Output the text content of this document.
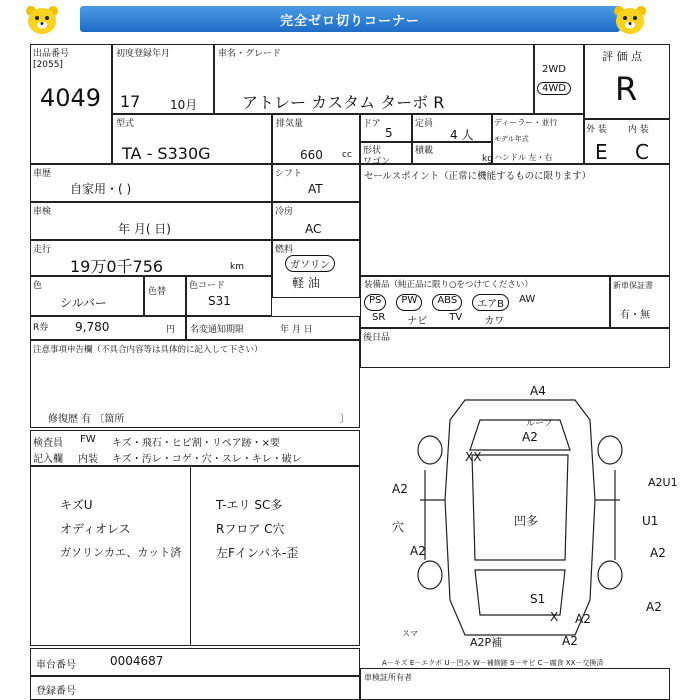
完全ゼロ切りコーナー
出品番号
[2055]
4049
初度登録年月
17 10月
車名・グレード
アトレー カスタム ターボ R
2WD
4WD
評 価 点
R
型式
TA - S330G
排気量
660 cc
ドア
5
定員
4 人
形状
ワゴン
積載
kg
ディーラー・並行
モデル年式
ハンドル 左・右
外 装 内 装
E C
車歴
自家用・( )
シフト
AT
車検
年 月( 日)
冷房
AC
走行
19万0千756	km
燃料
ガソリン
軽 油
色
シルバー
色替
色コード
S31
R券 9,780	円 名変通知期限	年 月 日
注意事項申告欄（不具合内容等は具体的に記入して下さい）
修復歴 有 〔箇所	〕
セールスポイント（正常に機能するものに限ります）
装備品（純正品に限り○をつけてください）
PS	PW	ABS	エアB	AW
SR ナビ TV カワ
新車保証書
有・無
後日品
検査員
記入欄
FW キズ・飛石・ヒビ割・リペア跡・×要
内装 キズ・汚レ・コゲ・穴・スレ・キレ・破レ
キズU
オディオレス
ガソリンカエ、カット済
T-エリ SC多
Rフロア C穴
左Fインパネ-歪
A4
A2
ルーフ
A2
A2
XX
A2U1
A2
A2
U1
S1
A2P補	A2
X A2
凹多
穴
スマ
A－キズ E－エクボ U－凹み W－補修跡 S－サビ C－腐食 XX－交換済
車台番号	0004687
登録番号
車検証所有者
